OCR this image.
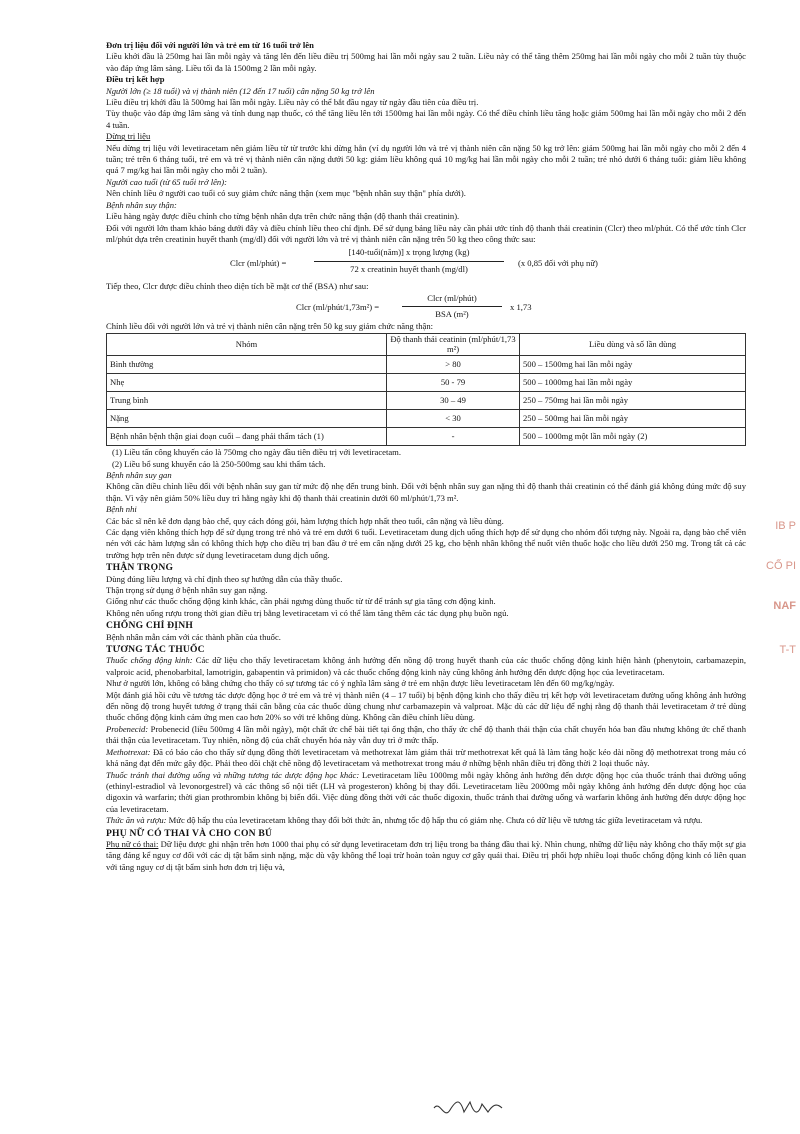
Đơn trị liệu đối với người lớn và trẻ em từ 16 tuổi trở lên

Liều khởi đầu là 250mg hai lần mỗi ngày và tăng lên đến liều điều trị 500mg hai lần mỗi ngày sau 2 tuần. Liều này có thể tăng thêm 250mg hai lần mỗi ngày cho mỗi 2 tuần tùy thuộc vào đáp ứng lâm sàng. Liều tối đa là 1500mg 2 lần mỗi ngày.

Điều trị kết hợp

Người lớn (≥ 18 tuổi) và vị thành niên (12 đến 17 tuổi) cân nặng 50 kg trở lên

Liều điều trị khởi đầu là 500mg hai lần mỗi ngày. Liều này có thể bắt đầu ngay từ ngày đầu tiên của điều trị.

Tùy thuộc vào đáp ứng lâm sàng và tính dung nạp thuốc, có thể tăng liều lên tới 1500mg hai lần mỗi ngày. Có thể điều chỉnh liều tăng hoặc giảm 500mg hai lần mỗi ngày cho mỗi 2 đến 4 tuần.

Dừng trị liệu

Nếu dừng trị liệu với levetiracetam nên giảm liều từ từ trước khi dừng hẳn (ví dụ người lớn và trẻ vị thành niên cân nặng 50 kg trở lên: giảm 500mg hai lần mỗi ngày cho mỗi 2 đến 4 tuần; trẻ trên 6 tháng tuổi, trẻ em và trẻ vị thành niên cân nặng dưới 50 kg: giảm liều không quá 10 mg/kg hai lần mỗi ngày cho mỗi 2 tuần; trẻ nhỏ dưới 6 tháng tuổi: giảm liều không quá 7 mg/kg hai lần mỗi ngày cho mỗi 2 tuần).

Người cao tuổi (từ 65 tuổi trở lên):

Nên chỉnh liều ở người cao tuổi có suy giảm chức năng thận (xem mục "bệnh nhân suy thận" phía dưới).

Bệnh nhân suy thận:

Liều hàng ngày được điều chỉnh cho từng bệnh nhân dựa trên chức năng thận (độ thanh thải creatinin).

Đối với người lớn tham khảo bảng dưới đây và điều chỉnh liều theo chỉ định. Để sử dụng bảng liều này cần phải ước tính độ thanh thải creatinin (Clcr) theo ml/phút. Có thể ước tính Clcr ml/phút dựa trên creatinin huyết thanh (mg/dl) đối với người lớn và trẻ vị thành niên cân nặng trên 50 kg theo công thức sau:

Clcr (ml/phút) =
[140-tuổi(năm)] x trọng lượng (kg)
72 x creatinin huyết thanh (mg/dl)
(x 0,85 đối với phụ nữ)

Tiếp theo, Clcr được điều chỉnh theo diện tích bề mặt cơ thể (BSA) như sau:

Clcr (ml/phút/1,73m²) =
Clcr (ml/phút)
BSA (m²)
x 1,73

Chỉnh liều đối với người lớn và trẻ vị thành niên cân nặng trên 50 kg suy giảm chức năng thận:

Nhóm	Độ thanh thải ceatinin (ml/phút/1,73 m²)	Liều dùng và số lần dùng
Bình thường	> 80	500 – 1500mg hai lần mỗi ngày
Nhẹ	50 - 79	500 – 1000mg hai lần mỗi ngày
Trung bình	30 – 49	250 – 750mg hai lần mỗi ngày
Nặng	< 30	250 – 500mg hai lần mỗi ngày
Bệnh nhân bệnh thận giai đoạn cuối – đang phải thẩm tách (1)	-	500 – 1000mg một lần mỗi ngày (2)

(1) Liều tấn công khuyến cáo là 750mg cho ngày đầu tiên điều trị với levetiracetam.

(2) Liều bổ sung khuyến cáo là 250-500mg sau khi thẩm tách.

Bệnh nhân suy gan

Không cần điều chỉnh liều đối với bệnh nhân suy gan từ mức độ nhẹ đến trung bình. Đối với bệnh nhân suy gan nặng thì độ thanh thải creatinin có thể đánh giá không đúng mức độ suy thận. Vì vậy nên giảm 50% liều duy trì hằng ngày khi độ thanh thải creatinin dưới 60 ml/phút/1,73 m².

Bệnh nhi

Các bác sĩ nên kê đơn dạng bào chế, quy cách đóng gói, hàm lượng thích hợp nhất theo tuổi, cân nặng và liều dùng.

Các dạng viên không thích hợp để sử dụng trong trẻ nhỏ và trẻ em dưới 6 tuổi. Levetiracetam dung dịch uống thích hợp để sử dụng cho nhóm đối tượng này. Ngoài ra, dạng bào chế viên nén với các hàm lượng sẵn có không thích hợp cho điều trị ban đầu ở trẻ em cân nặng dưới 25 kg, cho bệnh nhân không thể nuốt viên thuốc hoặc cho liều dưới 250 mg. Trong tất cả các trường hợp trên nên được sử dụng levetiracetam dung dịch uống.

THẬN TRỌNG

Dùng đúng liều lượng và chỉ định theo sự hướng dẫn của thầy thuốc.

Thận trọng sử dụng ở bệnh nhân suy gan nặng.

Giống như các thuốc chống động kinh khác, cần phải ngưng dùng thuốc từ từ để tránh sự gia tăng cơn động kinh.

Không nên uống rượu trong thời gian điều trị bằng levetiracetam vì có thể làm tăng thêm các tác dụng phụ buồn ngủ.

CHỐNG CHỈ ĐỊNH

Bệnh nhân mẫn cảm với các thành phần của thuốc.

TƯƠNG TÁC THUỐC

Thuốc chống động kinh: Các dữ liệu cho thấy levetiracetam không ảnh hưởng đến nồng độ trong huyết thanh của các thuốc chống động kinh hiện hành (phenytoin, carbamazepin, valproic acid, phenobarbital, lamotrigin, gabapentin và primidon) và các thuốc chống động kinh này cũng không ảnh hưởng đến dược động học của levetiracetam.

Như ở người lớn, không có bằng chứng cho thấy có sự tương tác có ý nghĩa lâm sàng ở trẻ em nhận được liều levetiracetam lên đến 60 mg/kg/ngày.

Một đánh giá hồi cứu về tương tác dược động học ở trẻ em và trẻ vị thành niên (4 – 17 tuổi) bị bệnh động kinh cho thấy điều trị kết hợp với levetiracetam đường uống không ảnh hưởng đến nồng độ trong huyết tương ở trạng thái cân bằng của các thuốc dùng chung như carbamazepin và valproat. Mặc dù các dữ liệu để nghị rằng độ thanh thải levetiracetam ở trẻ dùng thuốc chống động kinh cảm ứng men cao hơn 20% so với trẻ không dùng. Không cần điều chỉnh liều dùng.

Probenecid: Probenecid (liều 500mg 4 lần mỗi ngày), một chất ức chế bài tiết tại ống thận, cho thấy ức chế độ thanh thải thận của chất chuyển hóa ban đầu nhưng không ức chế thanh thải thận của levetiracetam. Tuy nhiên, nồng độ của chất chuyển hóa này vẫn duy trì ở mức thấp.

Methotrexat: Đã có báo cáo cho thấy sử dụng đồng thời levetiracetam và methotrexat làm giảm thải trừ methotrexat kết quả là làm tăng hoặc kéo dài nồng độ methotrexat trong máu có khả năng đạt đến mức gây độc. Phải theo dõi chặt chẽ nồng độ levetiracetam và methotrexat trong máu ở những bệnh nhân điều trị đồng thời 2 loại thuốc này.

Thuốc tránh thai đường uống và những tương tác dược động học khác: Levetiracetam liều 1000mg mỗi ngày không ảnh hưởng đến dược động học của thuốc tránh thai đường uống (ethinyl-estradiol và levonorgestrel) và các thông số nội tiết (LH và progesteron) không bị thay đổi. Levetiracetam liều 2000mg mỗi ngày không ảnh hưởng đến dược động học của digoxin và warfarin; thời gian prothrombin không bị biến đổi. Việc dùng đồng thời với các thuốc digoxin, thuốc tránh thai đường uống và warfarin không ảnh hưởng đến dược động học của levetiracetam.

Thức ăn và rượu: Mức độ hấp thu của levetiracetam không thay đổi bởi thức ăn, nhưng tốc độ hấp thu có giảm nhẹ. Chưa có dữ liệu về tương tác giữa levetiracetam và rượu.

PHỤ NỮ CÓ THAI VÀ CHO CON BÚ

Phụ nữ có thai: Dữ liệu được ghi nhận trên hơn 1000 thai phụ có sử dụng levetiracetam đơn trị liệu trong ba tháng đầu thai kỳ. Nhìn chung, những dữ liệu này không cho thấy một sự gia tăng đáng kể nguy cơ đối với các dị tật bẩm sinh nặng, mặc dù vậy không thể loại trừ hoàn toàn nguy cơ gây quái thai. Điều trị phối hợp nhiều loại thuốc chống động kinh có liên quan với tăng nguy cơ dị tật bẩm sinh hơn đơn trị liệu và,

IB P
CỐ PI
NAF
T-T
